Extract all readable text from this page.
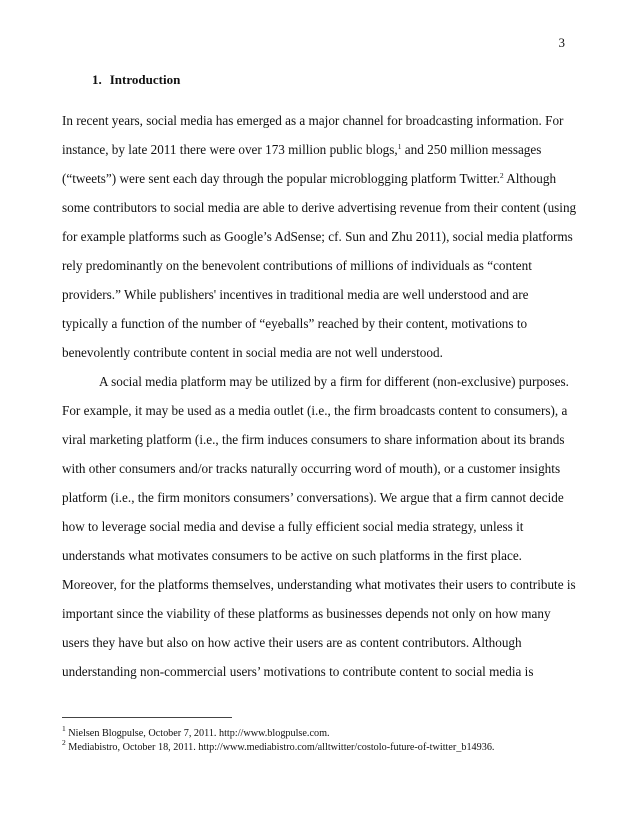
3
1. Introduction
In recent years, social media has emerged as a major channel for broadcasting information. For
instance, by late 2011 there were over 173 million public blogs,$^1$ and 250 million messages
(“tweets”) were sent each day through the popular microblogging platform Twitter.$^2$ Although
some contributors to social media are able to derive advertising revenue from their content (using
for example platforms such as Google’s AdSense; cf. Sun and Zhu 2011), social media platforms
rely predominantly on the benevolent contributions of millions of individuals as “content
providers.” While publishers' incentives in traditional media are well understood and are
typically a function of the number of “eyeballs” reached by their content, motivations to
benevolently contribute content in social media are not well understood.
A social media platform may be utilized by a firm for different (non-exclusive) purposes.
For example, it may be used as a media outlet (i.e., the firm broadcasts content to consumers), a
viral marketing platform (i.e., the firm induces consumers to share information about its brands
with other consumers and/or tracks naturally occurring word of mouth), or a customer insights
platform (i.e., the firm monitors consumers’ conversations). We argue that a firm cannot decide
how to leverage social media and devise a fully efficient social media strategy, unless it
understands what motivates consumers to be active on such platforms in the first place.
Moreover, for the platforms themselves, understanding what motivates their users to contribute is
important since the viability of these platforms as businesses depends not only on how many
users they have but also on how active their users are as content contributors. Although
understanding non-commercial users’ motivations to contribute content to social media is
$^1$ Nielsen Blogpulse, October 7, 2011. http://www.blogpulse.com.
$^2$ Mediabistro, October 18, 2011. http://www.mediabistro.com/alltwitter/costolo-future-of-twitter_b14936.
